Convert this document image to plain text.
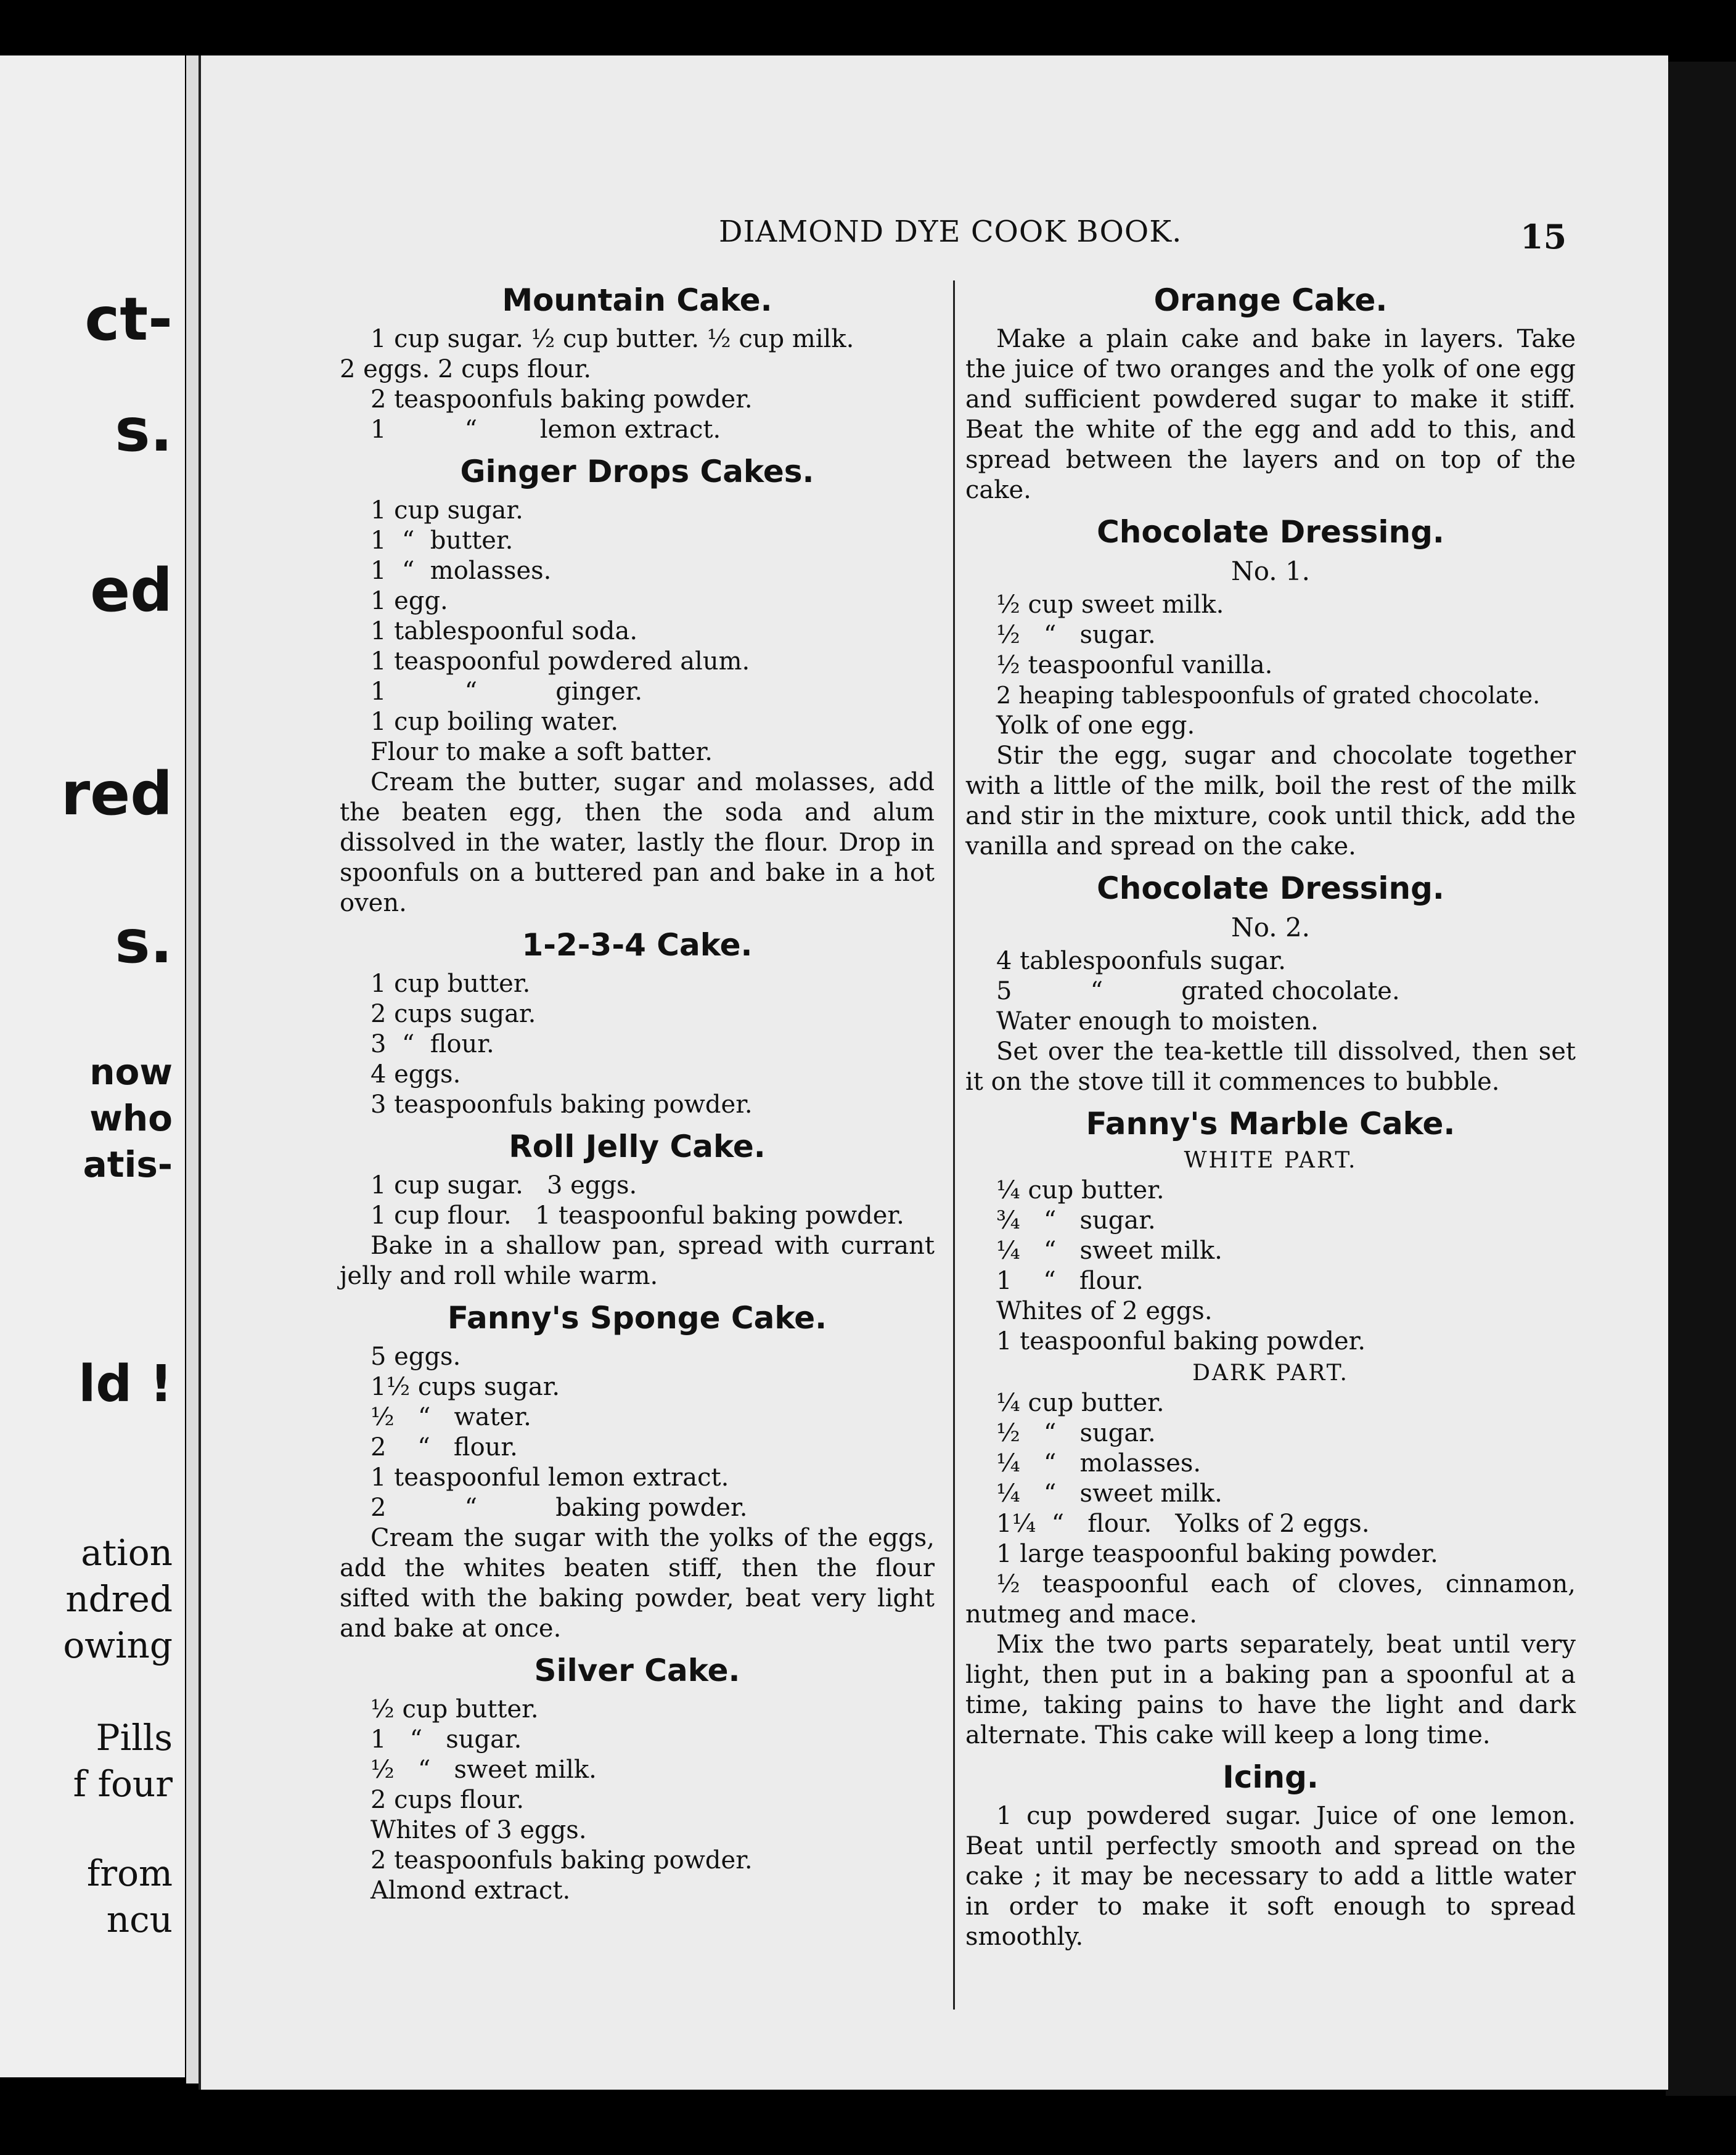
ct-
s.
ed
red
s.
now
who
atis-
ld !
ation
ndred
owing
Pills
f four
from
ncu
DIAMOND DYE COOK BOOK.	15
Mountain Cake.
1 cup sugar. ½ cup butter. ½ cup milk.
2 eggs. 2 cups flour.
2 teaspoonfuls baking powder.
1          “        lemon extract.
Ginger Drops Cakes.
1 cup sugar.
1  “  butter.
1  “  molasses.
1 egg.
1 tablespoonful soda.
1 teaspoonful powdered alum.
1          “          ginger.
1 cup boiling water.
Flour to make a soft batter.
Cream the butter, sugar and molasses, add the beaten egg, then the soda and alum dissolved in the water, lastly the flour. Drop in spoonfuls on a buttered pan and bake in a hot oven.
1-2-3-4 Cake.
1 cup butter.
2 cups sugar.
3  “  flour.
4 eggs.
3 teaspoonfuls baking powder.
Roll Jelly Cake.
1 cup sugar.   3 eggs.
1 cup flour.   1 teaspoonful baking powder.
Bake in a shallow pan, spread with currant jelly and roll while warm.
Fanny's Sponge Cake.
5 eggs.
1½ cups sugar.
½   “   water.
2    “   flour.
1 teaspoonful lemon extract.
2          “          baking powder.
Cream the sugar with the yolks of the eggs, add the whites beaten stiff, then the flour sifted with the baking powder, beat very light and bake at once.
Silver Cake.
½ cup butter.
1   “   sugar.
½   “   sweet milk.
2 cups flour.
Whites of 3 eggs.
2 teaspoonfuls baking powder.
Almond extract.
Orange Cake.
Make a plain cake and bake in layers. Take the juice of two oranges and the yolk of one egg and sufficient powdered sugar to make it stiff. Beat the white of the egg and add to this, and spread between the layers and on top of the cake.
Chocolate Dressing.
No. 1.
½ cup sweet milk.
½   “   sugar.
½ teaspoonful vanilla.
2 heaping tablespoonfuls of grated chocolate.
Yolk of one egg.
Stir the egg, sugar and chocolate together with a little of the milk, boil the rest of the milk and stir in the mixture, cook until thick, add the vanilla and spread on the cake.
Chocolate Dressing.
No. 2.
4 tablespoonfuls sugar.
5          “          grated chocolate.
Water enough to moisten.
Set over the tea-kettle till dissolved, then set it on the stove till it commences to bubble.
Fanny's Marble Cake.
WHITE PART.
¼ cup butter.
¾   “   sugar.
¼   “   sweet milk.
1    “   flour.
Whites of 2 eggs.
1 teaspoonful baking powder.
DARK PART.
¼ cup butter.
½   “   sugar.
¼   “   molasses.
¼   “   sweet milk.
1¼  “   flour.   Yolks of 2 eggs.
1 large teaspoonful baking powder.
½ teaspoonful each of cloves, cinnamon, nutmeg and mace.
Mix the two parts separately, beat until very light, then put in a baking pan a spoonful at a time, taking pains to have the light and dark alternate. This cake will keep a long time.
Icing.
1 cup powdered sugar. Juice of one lemon. Beat until perfectly smooth and spread on the cake ; it may be necessary to add a little water in order to make it soft enough to spread smoothly.
